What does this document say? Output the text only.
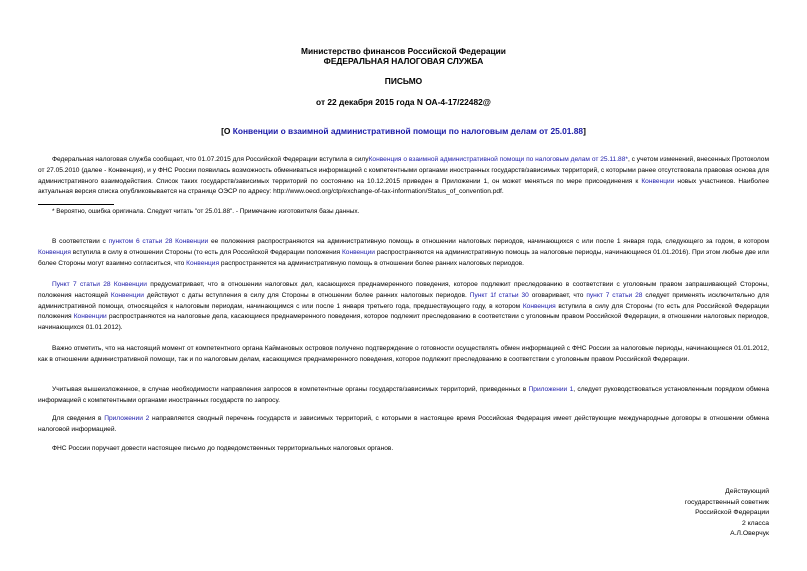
Министерство финансов Российской Федерации
ФЕДЕРАЛЬНАЯ НАЛОГОВАЯ СЛУЖБА
ПИСЬМО
от 22 декабря 2015 года N ОА-4-17/22482@
[О Конвенции о взаимной административной помощи по налоговым делам от 25.01.88]
Федеральная налоговая служба сообщает, что 01.07.2015 для Российской Федерации вступила в силуКонвенция о взаимной административной помощи по налоговым делам от 25.11.88*, с учетом изменений, внесенных Протоколом от 27.05.2010 (далее - Конвенция), и у ФНС России появилась возможность обмениваться информацией с компетентными органами иностранных государств/зависимых территорий, с которыми ранее отсутствовала правовая основа для административного взаимодействия. Список таких государств/зависимых территорий по состоянию на 10.12.2015 приведен в Приложении 1, он может меняться по мере присоединения к Конвенции новых участников. Наиболее актуальная версия списка опубликовывается на странице ОЭСР по адресу: http://www.oecd.org/ctp/exchange-of-tax-information/Status_of_convention.pdf.
* Вероятно, ошибка оригинала. Следует читать "от 25.01.88". - Примечание изготовителя базы данных.
В соответствии с пунктом 6 статьи 28 Конвенции ее положения распространяются на административную помощь в отношении налоговых периодов, начинающихся с или после 1 января года, следующего за годом, в котором Конвенция вступила в силу в отношении Стороны (то есть для Российской Федерации положения Конвенции распространяются на административную помощь за налоговые периоды, начинающиеся 01.01.2016). При этом любые две или более Стороны могут взаимно согласиться, что Конвенция распространяется на административную помощь в отношении более ранних налоговых периодов.
Пункт 7 статьи 28 Конвенции предусматривает, что в отношении налоговых дел, касающихся преднамеренного поведения, которое подлежит преследованию в соответствии с уголовным правом запрашивающей Стороны, положения настоящей Конвенции действуют с даты вступления в силу для Стороны в отношении более ранних налоговых периодов. Пункт 1f статьи 30 оговаривает, что пункт 7 статьи 28 следует применять исключительно для административной помощи, относящейся к налоговым периодам, начинающимся с или после 1 января третьего года, предшествующего году, в котором Конвенция вступила в силу для Стороны (то есть для Российской Федерации положения Конвенции распространяются на налоговые дела, касающиеся преднамеренного поведения, которое подлежит преследованию в соответствии с уголовным правом Российской Федерации, в отношении налоговых периодов, начинающихся 01.01.2012).
Важно отметить, что на настоящий момент от компетентного органа Каймановых островов получено подтверждение о готовности осуществлять обмен информацией с ФНС России за налоговые периоды, начинающиеся 01.01.2012, как в отношении административной помощи, так и по налоговым делам, касающимся преднамеренного поведения, которое подлежит преследованию в соответствии с уголовным правом Российской Федерации.
Учитывая вышеизложенное, в случае необходимости направления запросов в компетентные органы государств/зависимых территорий, приведенных в Приложении 1, следует руководствоваться установленным порядком обмена информацией с компетентными органами иностранных государств по запросу.
Для сведения в Приложении 2 направляется сводный перечень государств и зависимых территорий, с которыми в настоящее время Российская Федерация имеет действующие международные договоры в отношении обмена налоговой информацией.
ФНС России поручает довести настоящее письмо до подведомственных территориальных налоговых органов.
Действующий
государственный советник
Российской Федерации
2 класса
А.Л.Оверчук
